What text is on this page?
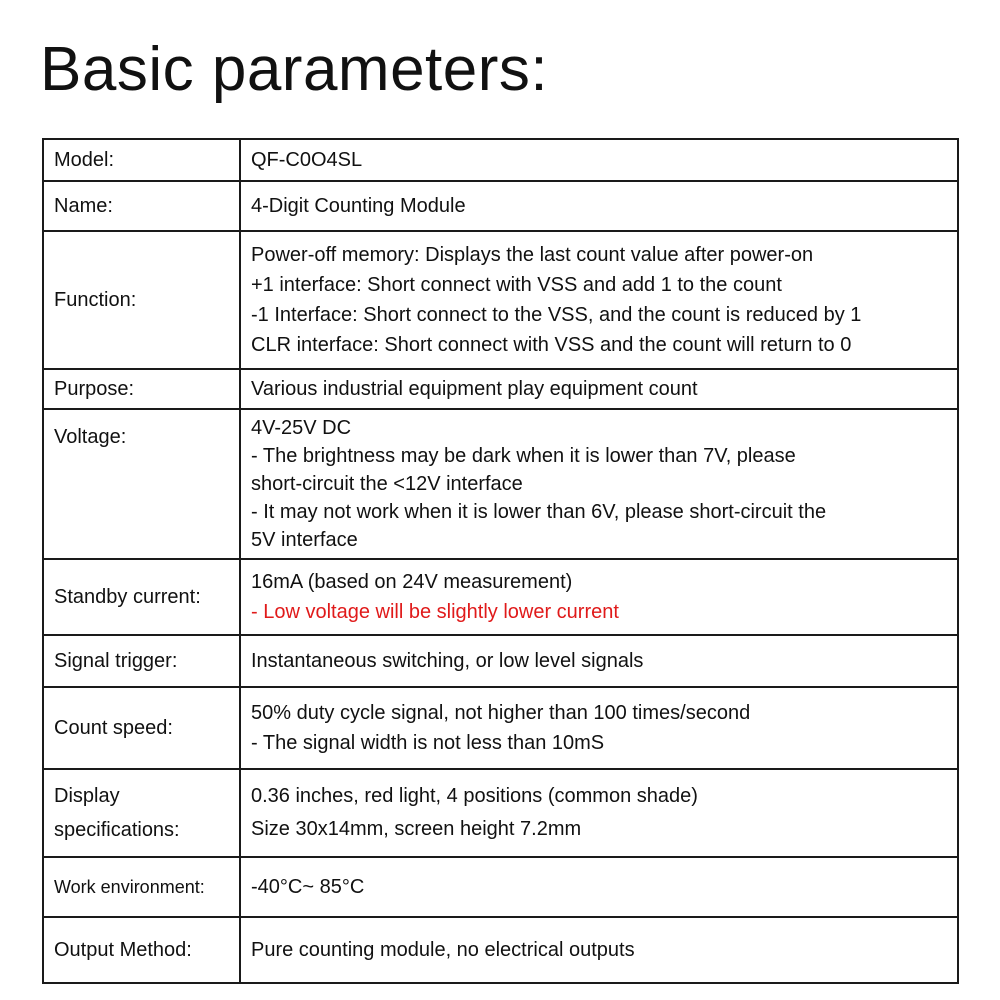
Basic parameters:
Model:	QF-C0O4SL

Name:	4-Digit Counting Module

Function:	Power-off memory: Displays the last count value after power-on
+1 interface: Short connect with VSS and add 1 to the count
-1 Interface: Short connect to the VSS, and the count is reduced by 1
CLR interface: Short connect with VSS and the count will return to 0

Purpose:	Various industrial equipment play equipment count

Voltage:	4V-25V DC
- The brightness may be dark when it is lower than 7V, please
short-circuit the <12V interface
- It may not work when it is lower than 6V, please short-circuit the
5V interface

Standby current:	16mA (based on 24V measurement)
- Low voltage will be slightly lower current

Signal trigger:	Instantaneous switching, or low level signals

Count speed:	50% duty cycle signal, not higher than 100 times/second
- The signal width is not less than 10mS

Display specifications:	0.36 inches, red light, 4 positions (common shade)
Size 30x14mm, screen height 7.2mm

Work environment:	-40°C~ 85°C

Output Method:	Pure counting module, no electrical outputs
